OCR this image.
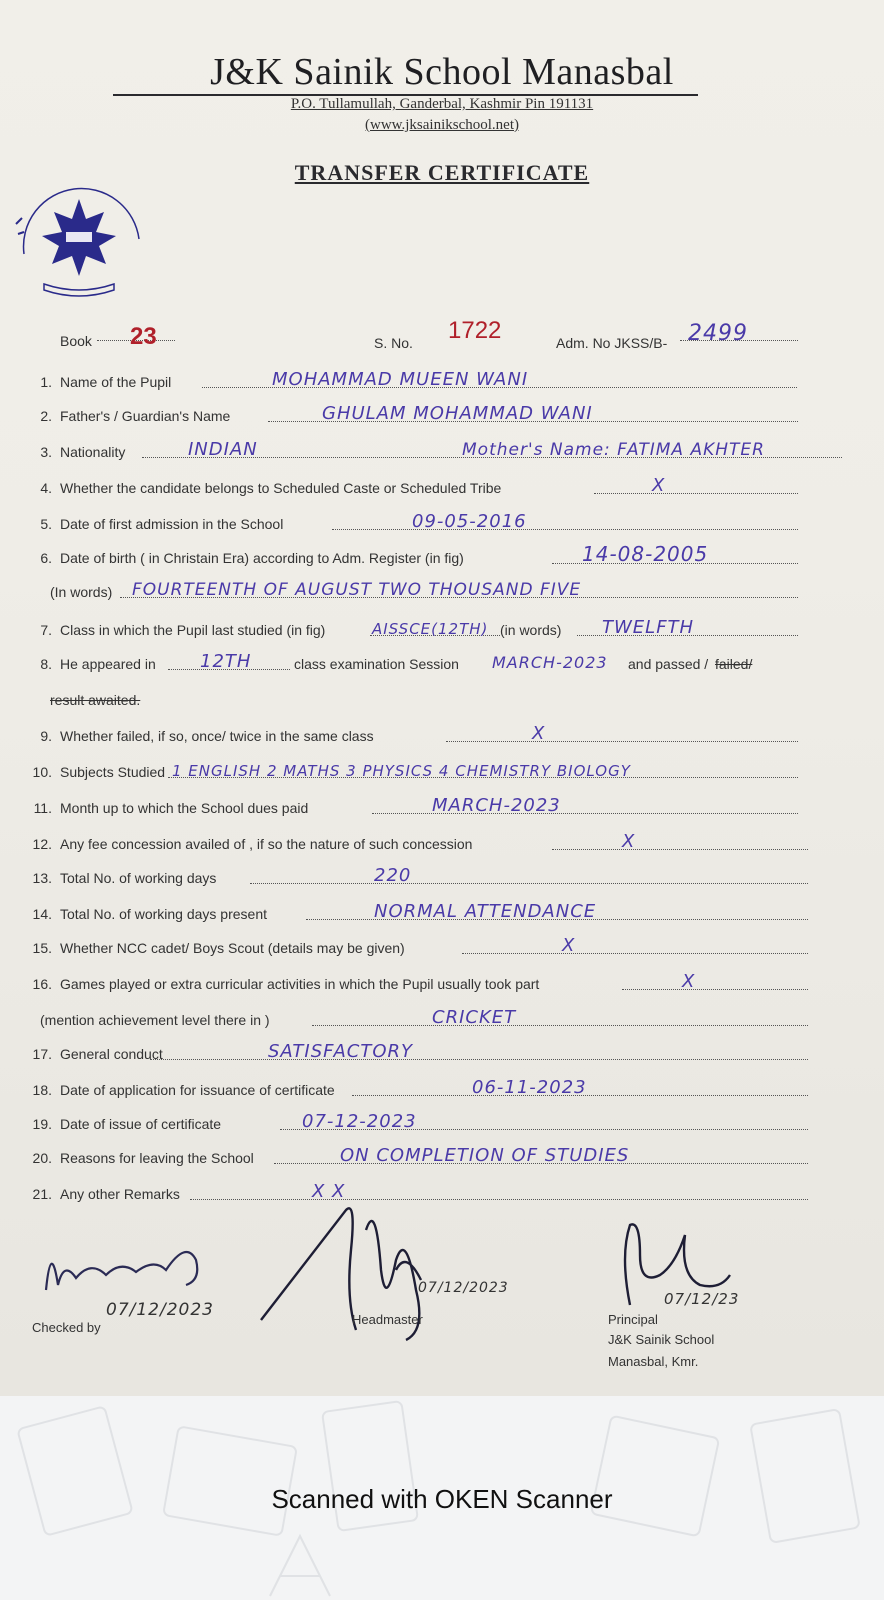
J&K Sainik School Manasbal
P.O. Tullamullah, Ganderbal, Kashmir Pin 191131
(www.jksainikschool.net)
TRANSFER CERTIFICATE
Book 23	S. No. 1722	Adm. No JKSS/B- 2499
1. Name of the Pupil	MOHAMMAD MUEEN WANI
2. Father's / Guardian's Name	GHULAM MOHAMMAD WANI
3. Nationality	INDIAN	Mother's Name: FATIMA AKHTER
4. Whether the candidate belongs to Scheduled Caste or Scheduled Tribe	X
5. Date of first admission in the School	09-05-2016
6. Date of birth ( in Christain Era) according to Adm. Register (in fig)	14-08-2005
(In words) FOURTEENTH OF AUGUST TWO THOUSAND FIVE
7. Class in which the Pupil last studied (in fig)	AISSCE(12TH) (in words) TWELFTH
8. He appeared in 12TH	class examination Session MARCH-2023 and passed / failed/
result awaited.
9. Whether failed, if so, once/ twice in the same class	X
10. Subjects Studied 1 ENGLISH 2 MATHS 3 PHYSICS 4 CHEMISTRY BIOLOGY
11. Month up to which the School dues paid	MARCH-2023
12. Any fee concession availed of , if so the nature of such concession	X
13. Total No. of working days	220
14. Total No. of working days present	NORMAL ATTENDANCE
15. Whether NCC cadet/ Boys Scout (details may be given)	X
16. Games played or extra curricular activities in which the Pupil usually took part	X
(mention achievement level there in )	CRICKET
17. General conduct	SATISFACTORY
18. Date of application for issuance of certificate	06-11-2023
19. Date of issue of certificate	07-12-2023
20. Reasons for leaving the School	ON COMPLETION OF STUDIES
21. Any other Remarks	X X
Checked by
07/12/2023	Headmaster
07/12/2023
Principal
07/12/23
J&K Sainik School
Manasbal, Kmr.
Scanned with OKEN Scanner
